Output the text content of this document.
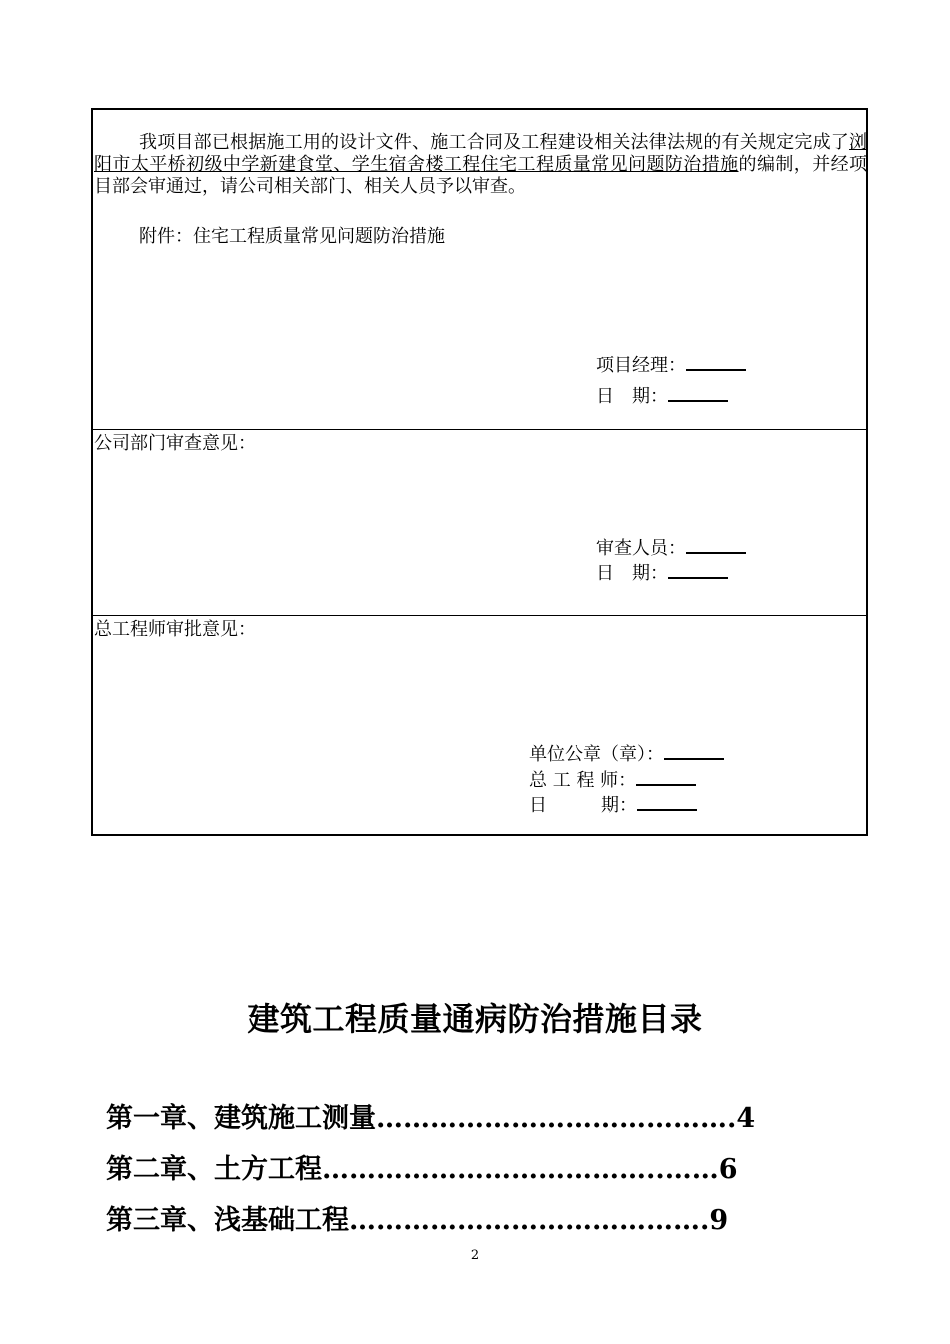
我项目部已根据施工用的设计文件、施工合同及工程建设相关法律法规的有关规定完成了浏阳市太平桥初级中学新建食堂、学生宿舍楼工程住宅工程质量常见问题防治措施的编制，并经项目部会审通过，请公司相关部门、相关人员予以审查。
附件：住宅工程质量常见问题防治措施
项目经理：
日　期：
公司部门审查意见：
审查人员：
日　期：
总工程师审批意见：
单位公章（章）：
总 工 程 师：
日　　　期：
建筑工程质量通病防治措施目录
第一章、建筑施工测量………………………………….4
第二章、土方工程………………………………..……6
第三章、浅基础工程………………………………….9
2
